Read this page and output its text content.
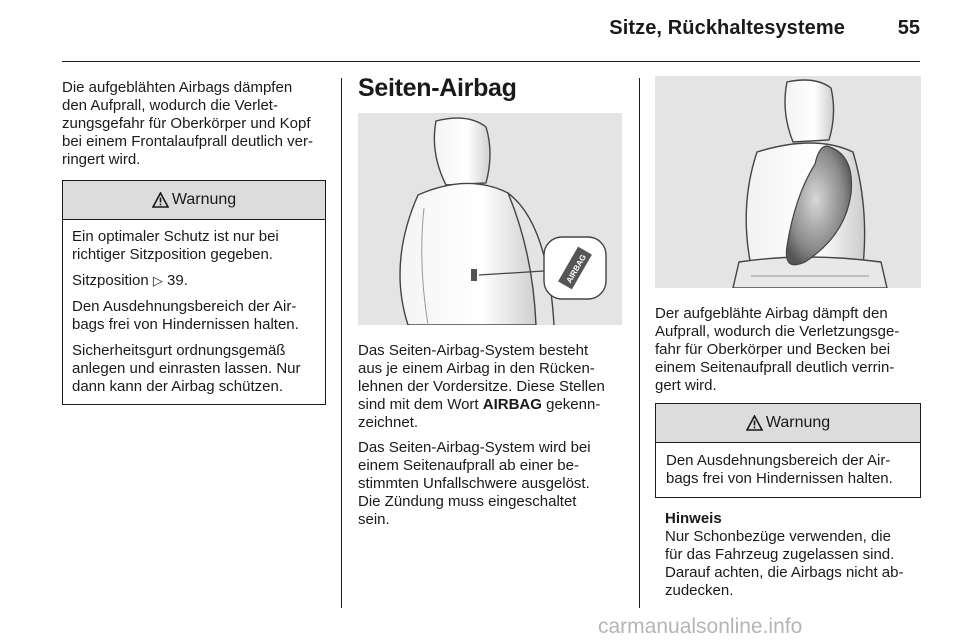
Sitze, Rückhaltesysteme	55

Die aufgeblähten Airbags dämpfen
den Aufprall, wodurch die Verlet-
zungsgefahr für Oberkörper und Kopf
bei einem Frontalaufprall deutlich ver-
ringert wird.

Warnung

Ein optimaler Schutz ist nur bei
richtiger Sitzposition gegeben.

Sitzposition ▷ 39.

Den Ausdehnungsbereich der Air-
bags frei von Hindernissen halten.

Sicherheitsgurt ordnungsgemäß
anlegen und einrasten lassen. Nur
dann kann der Airbag schützen.

Seiten-Airbag
AIRBAG

Das Seiten-Airbag-System besteht
aus je einem Airbag in den Rücken-
lehnen der Vordersitze. Diese Stellen
sind mit dem Wort AIRBAG gekenn-
zeichnet.

Das Seiten-Airbag-System wird bei
einem Seitenaufprall ab einer be-
stimmten Unfallschwere ausgelöst.
Die Zündung muss eingeschaltet
sein.

Der aufgeblähte Airbag dämpft den
Aufprall, wodurch die Verletzungsge-
fahr für Oberkörper und Becken bei
einem Seitenaufprall deutlich verrin-
gert wird.

Warnung

Den Ausdehnungsbereich der Air-
bags frei von Hindernissen halten.

Hinweis

Nur Schonbezüge verwenden, die
für das Fahrzeug zugelassen sind.
Darauf achten, die Airbags nicht ab-
zudecken.

carmanualsonline.info
